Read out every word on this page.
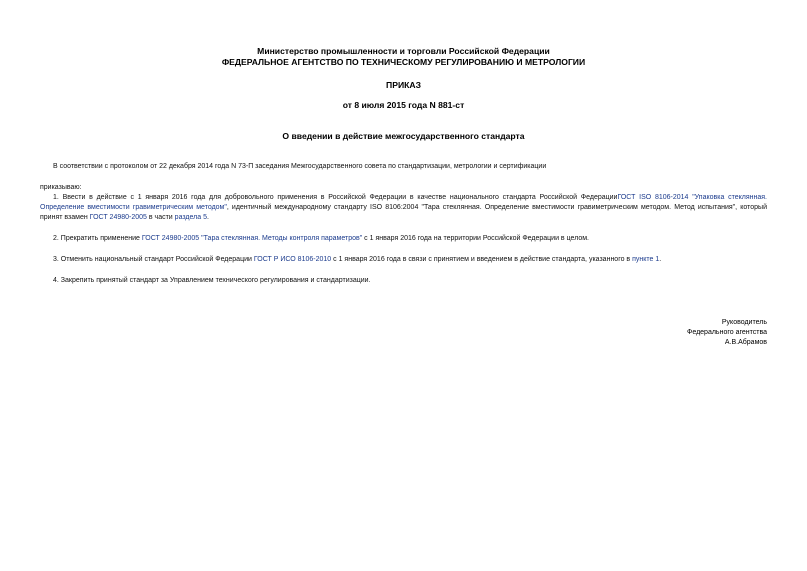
Министерство промышленности и торговли Российской Федерации
ФЕДЕРАЛЬНОЕ АГЕНТСТВО ПО ТЕХНИЧЕСКОМУ РЕГУЛИРОВАНИЮ И МЕТРОЛОГИИ
ПРИКАЗ
от 8 июля 2015 года N 881-ст
О введении в действие межгосударственного стандарта
В соответствии с протоколом от 22 декабря 2014 года N 73-П заседания Межгосударственного совета по стандартизации, метрологии и сертификации
приказываю:
1. Ввести в действие с 1 января 2016 года для добровольного применения в Российской Федерации в качестве национального стандарта Российской ФедерацииГОСТ ISO 8106-2014 "Упаковка стеклянная. Определение вместимости гравиметрическим методом", идентичный международному стандарту ISO 8106:2004 "Тара стеклянная. Определение вместимости гравиметрическим методом. Метод испытания", который принят взамен ГОСТ 24980-2005 в части раздела 5.
2. Прекратить применение ГОСТ 24980-2005 "Тара стеклянная. Методы контроля параметров" с 1 января 2016 года на территории Российской Федерации в целом.
3. Отменить национальный стандарт Российской Федерации ГОСТ Р ИСО 8106-2010 с 1 января 2016 года в связи с принятием и введением в действие стандарта, указанного в пункте 1.
4. Закрепить принятый стандарт за Управлением технического регулирования и стандартизации.
Руководитель
Федерального агентства
А.В.Абрамов
